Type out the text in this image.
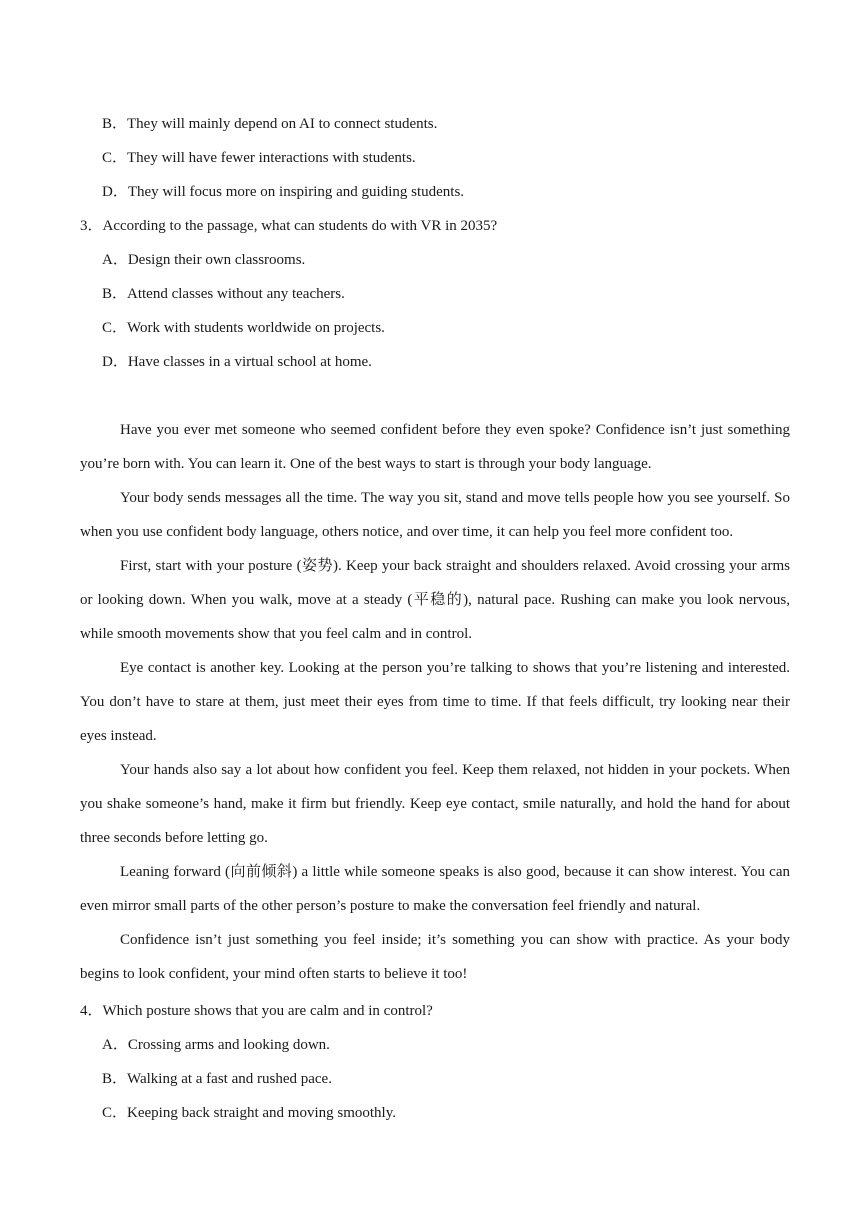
B．They will mainly depend on AI to connect students.
C．They will have fewer interactions with students.
D．They will focus more on inspiring and guiding students.
3．According to the passage, what can students do with VR in 2035?
A．Design their own classrooms.
B．Attend classes without any teachers.
C．Work with students worldwide on projects.
D．Have classes in a virtual school at home.

Have you ever met someone who seemed confident before they even spoke? Confidence isn’t just something you’re born with. You can learn it. One of the best ways to start is through your body language.

Your body sends messages all the time. The way you sit, stand and move tells people how you see yourself. So when you use confident body language, others notice, and over time, it can help you feel more confident too.

First, start with your posture (姿势). Keep your back straight and shoulders relaxed. Avoid crossing your arms or looking down. When you walk, move at a steady (平稳的), natural pace. Rushing can make you look nervous, while smooth movements show that you feel calm and in control.

Eye contact is another key. Looking at the person you’re talking to shows that you’re listening and interested. You don’t have to stare at them, just meet their eyes from time to time. If that feels difficult, try looking near their eyes instead.

Your hands also say a lot about how confident you feel. Keep them relaxed, not hidden in your pockets. When you shake someone’s hand, make it firm but friendly. Keep eye contact, smile naturally, and hold the hand for about three seconds before letting go.

Leaning forward (向前倾斜) a little while someone speaks is also good, because it can show interest. You can even mirror small parts of the other person’s posture to make the conversation feel friendly and natural.

Confidence isn’t just something you feel inside; it’s something you can show with practice. As your body begins to look confident, your mind often starts to believe it too!

4．Which posture shows that you are calm and in control?
A．Crossing arms and looking down.
B．Walking at a fast and rushed pace.
C．Keeping back straight and moving smoothly.
